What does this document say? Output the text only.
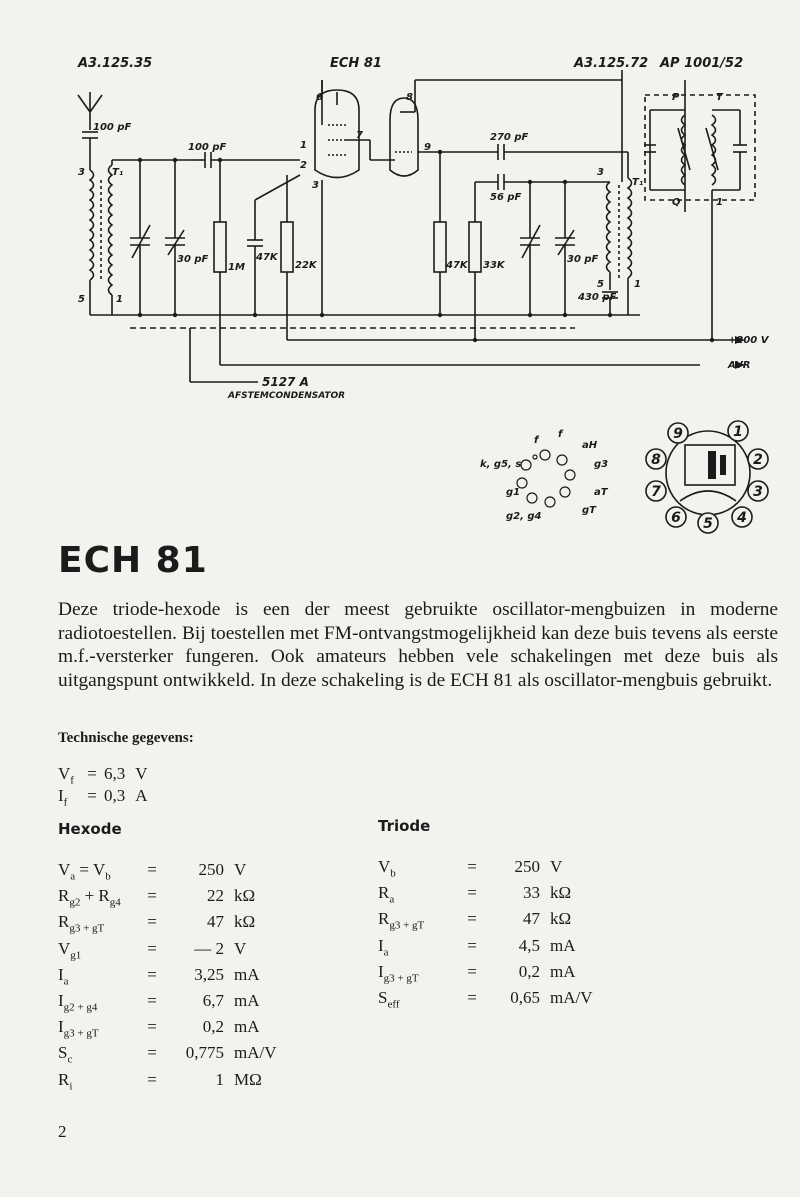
A3.125.35	ECH 81	A3.125.72 AP 1001/52
100 pF
100 pF
270 pF
56 pF
30 pF	30 pF
430 pF
1M
47K
22K	47K 33K
+200 V
AVR
5127 A
AFSTEMCONDENSATOR
T₁
T₁
P
Q
T
1
3
5	1
3
5	1
6
1
2
3
7
8
9
f
f
aH
k, g5, s	g3
g1	aT
g2, g4
gT
9	1
2
3
4
5
6
7
8
ECH 81

Deze triode-hexode is een der meest gebruikte oscillator-mengbuizen in moderne radiotoestellen. Bij toestellen met FM-ontvangstmogelijkheid kan deze buis tevens als eerste m.f.-versterker fungeren. Ook amateurs hebben vele schakelingen met deze buis als uitgangspunt ontwikkeld. In deze schakeling is de ECH 81 als oscillator-mengbuis gebruikt.

Technische gegevens:
$V_f = 6,3$ V
$I_f$	= 0,3 A
Hexode	Triode
$V_a = V_b$	=	250 V
$R_{g2} + R_{g4}$	=	22 kΩ
$R_{g3 + gT}$	=	47 kΩ
$V_{g1}$	=	— 2 V
$I_a$	=	3,25 mA
$I_{g2 + g4}$	=	6,7 mA
$I_{g3 + gT}$	=	0,2 mA
$S_c$	=	0,775 mA/V
$R_i$	=	1 MΩ
$V_b$	=	250 V
$R_a$	=	33 kΩ
$R_{g3 + gT}$	=	47 kΩ
$I_a$	=	4,5 mA
$I_{g3 + gT}$	=	0,2 mA
$S_{eff}$	=	0,65 mA/V
2
